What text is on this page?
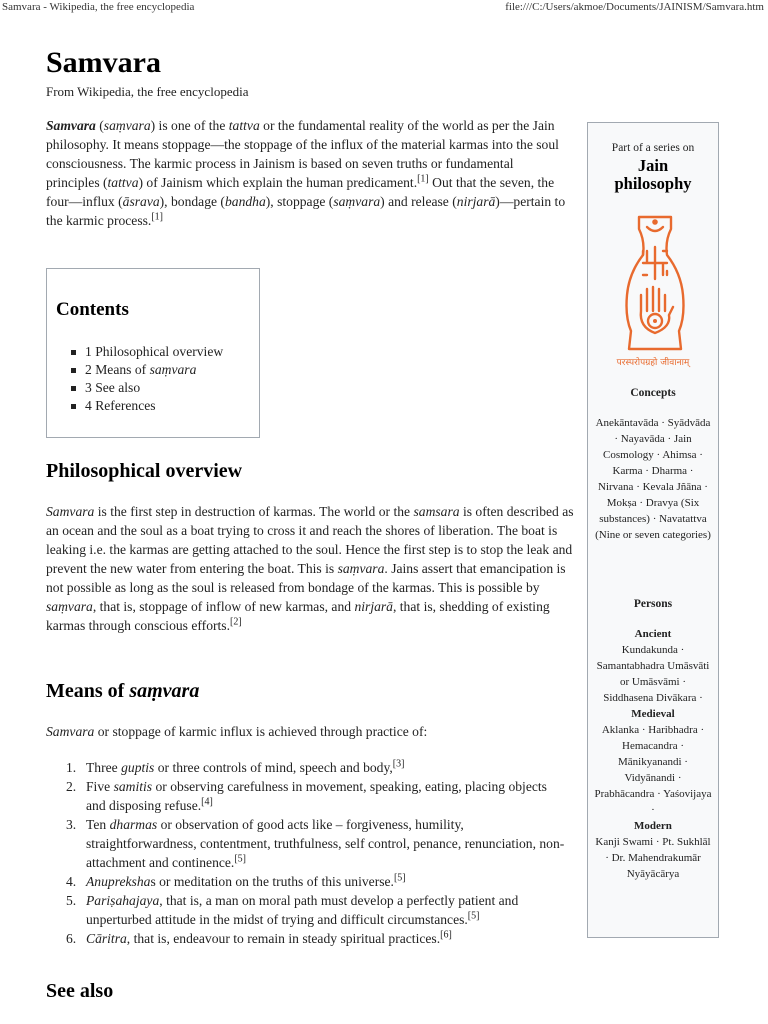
Samvara - Wikipedia, the free encyclopedia	file:///C:/Users/akmoe/Documents/JAINISM/Samvara.htm
Samvara
From Wikipedia, the free encyclopedia

Samvara (saṃvara) is one of the tattva or the fundamental reality of the world as per the Jain philosophy. It means stoppage—the stoppage of the influx of the material karmas into the soul consciousness. The karmic process in Jainism is based on seven truths or fundamental principles (tattva) of Jainism which explain the human predicament.[1] Out that the seven, the four—influx (āsrava), bondage (bandha), stoppage (saṃvara) and release (nirjarā)—pertain to the karmic process.[1]

Contents
1 Philosophical overview
2 Means of saṃvara
3 See also
4 References
Philosophical overview

Samvara is the first step in destruction of karmas. The world or the samsara is often described as an ocean and the soul as a boat trying to cross it and reach the shores of liberation. The boat is leaking i.e. the karmas are getting attached to the soul. Hence the first step is to stop the leak and prevent the new water from entering the boat. This is saṃvara. Jains assert that emancipation is not possible as long as the soul is released from bondage of the karmas. This is possible by saṃvara, that is, stoppage of inflow of new karmas, and nirjarā, that is, shedding of existing karmas through conscious efforts.[2]

Means of saṃvara

Samvara or stoppage of karmic influx is achieved through practice of:

1. Three guptis or three controls of mind, speech and body,[3]
2. Five samitis or observing carefulness in movement, speaking, eating, placing objects and disposing refuse.[4]
3. Ten dharmas or observation of good acts like – forgiveness, humility, straightforwardness, contentment, truthfulness, self control, penance, renunciation, non-attachment and continence.[5]
4. Anuprekshas or meditation on the truths of this universe.[5]
5. Pariṣahajaya, that is, a man on moral path must develop a perfectly patient and unperturbed attitude in the midst of trying and difficult circumstances.[5]
6. Cāritra, that is, endeavour to remain in steady spiritual practices.[6]
See also
Part of a series on
Jain
philosophy
परस्परोपग्रहो जीवानाम्
Concepts
Anekāntavāda · Syādvāda · Nayavāda · Jain Cosmology · Ahimsa · Karma · Dharma · Nirvana · Kevala Jñāna · Mokṣa · Dravya (Six substances) · Navatattva (Nine or seven categories)
Persons
Ancient
Kundakunda · Samantabhadra Umāsvāti or Umāsvāmi · Siddhasena Divākara ·
Medieval
Aklanka · Haribhadra · Hemacandra · Mānikyanandi · Vidyānandi · Prabhācandra · Yaśovijaya ·
Modern
Kanji Swami · Pt. Sukhlāl · Dr. Mahendrakumār Nyāyācārya
